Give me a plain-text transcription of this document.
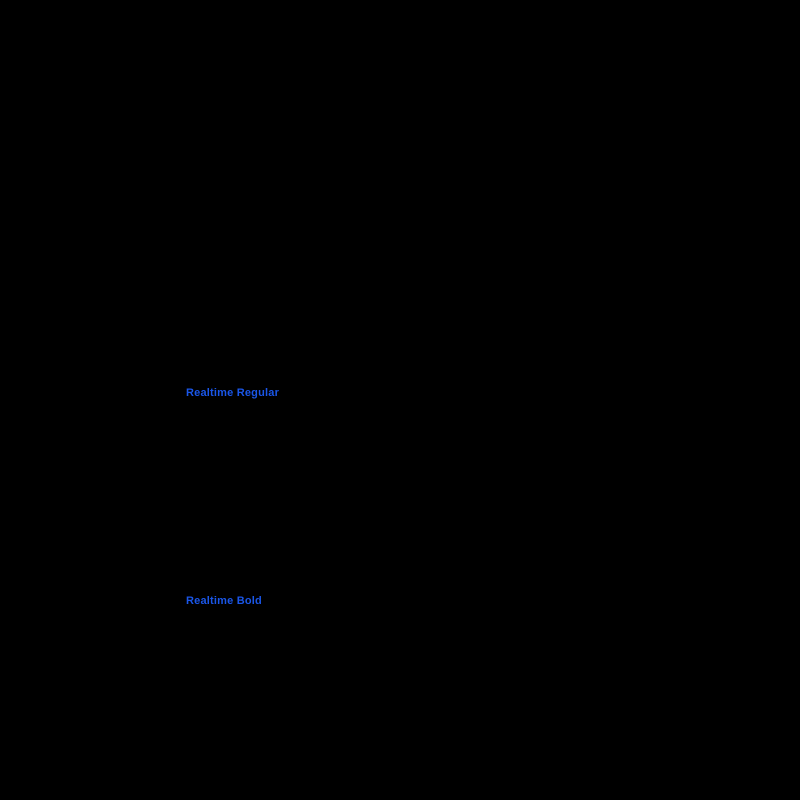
Realtime Regular
Realtime Bold
